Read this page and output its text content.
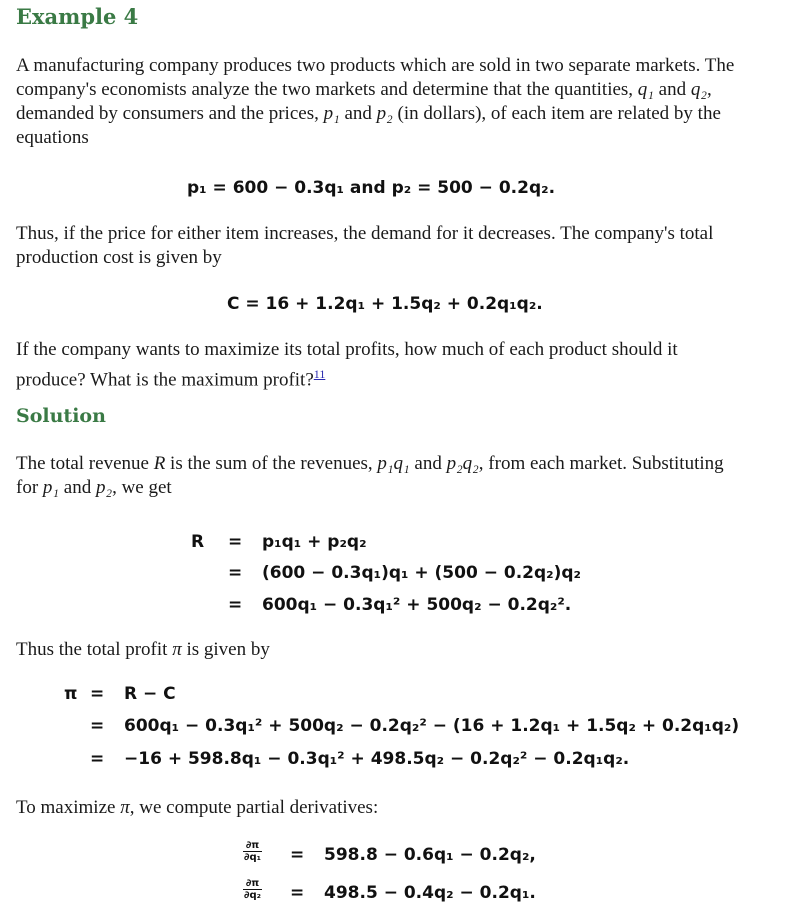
Example 4

A manufacturing company produces two products which are sold in two separate markets. The company's economists analyze the two markets and determine that the quantities, q₁ and q₂, demanded by consumers and the prices, p₁ and p₂ (in dollars), of each item are related by the equations

p₁ = 600 − 0.3q₁ and p₂ = 500 − 0.2q₂.

Thus, if the price for either item increases, the demand for it decreases. The company's total production cost is given by

C = 16 + 1.2q₁ + 1.5q₂ + 0.2q₁q₂.

If the company wants to maximize its total profits, how much of each product should it produce? What is the maximum profit?$^{11}$

Solution

The total revenue R is the sum of the revenues, p₁q₁ and p₂q₂, from each market. Substituting for p₁ and p₂, we get

R = p₁q₁ + p₂q₂
= (600 − 0.3q₁)q₁ + (500 − 0.2q₂)q₂
= 600q₁ − 0.3q₁² + 500q₂ − 0.2q₂².

Thus the total profit π is given by

π = R − C
= 600q₁ − 0.3q₁² + 500q₂ − 0.2q₂² − (16 + 1.2q₁ + 1.5q₂ + 0.2q₁q₂)
= −16 + 598.8q₁ − 0.3q₁² + 498.5q₂ − 0.2q₂² − 0.2q₁q₂.

To maximize π, we compute partial derivatives:

$\frac{\partial\pi}{\text{∂q₁}} = 598.8 - 0.6q_1 - 0.2q_2$,
$\frac{\partial\pi}{\text{∂q₂}} = 498.5 - 0.4q_2 - 0.2q_1$.
